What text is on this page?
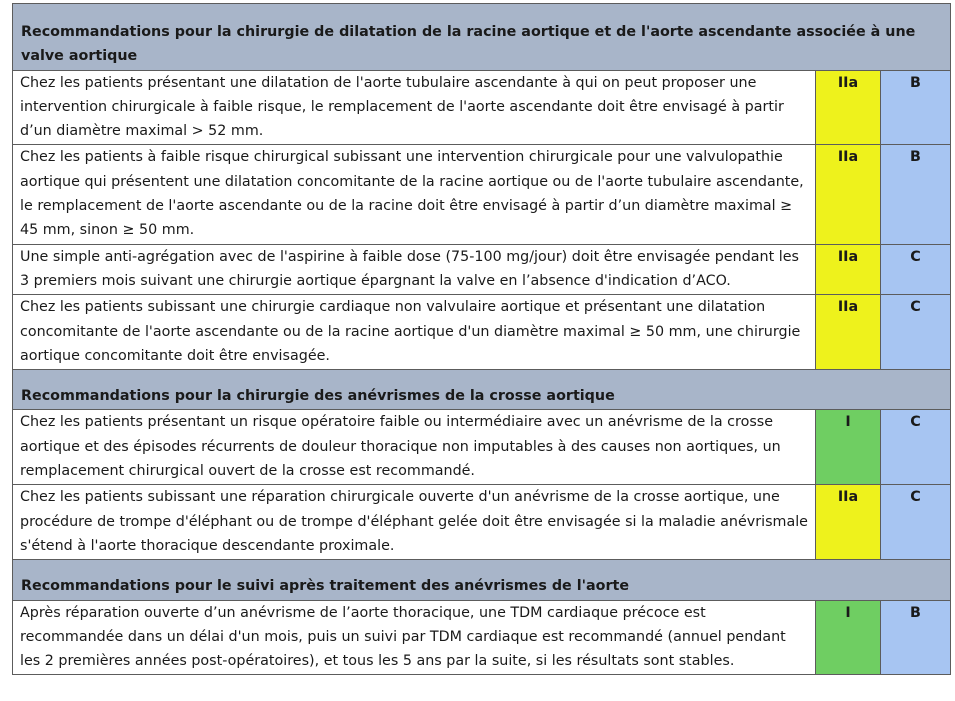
Recommandations pour la chirurgie de dilatation de la racine aortique et de l'aorte ascendante associée à une valve aortique		

Chez les patients présentant une dilatation de l'aorte tubulaire ascendante à qui on peut proposer une intervention chirurgicale à faible risque, le remplacement de l'aorte ascendante doit être envisagé à partir d’un diamètre maximal > 52 mm.	IIa	B

Chez les patients à faible risque chirurgical subissant une intervention chirurgicale pour une valvulopathie aortique qui présentent une dilatation concomitante de la racine aortique ou de l'aorte tubulaire ascendante, le remplacement de l'aorte ascendante ou de la racine doit être envisagé à partir d’un diamètre maximal ≥ 45 mm, sinon ≥ 50 mm.	IIa	B

Une simple anti-agrégation avec de l'aspirine à faible dose (75-100 mg/jour) doit être envisagée pendant les 3 premiers mois suivant une chirurgie aortique épargnant la valve en l’absence d'indication d’ACO.	IIa	C

Chez les patients subissant une chirurgie cardiaque non valvulaire aortique et présentant une dilatation concomitante de l'aorte ascendante ou de la racine aortique d'un diamètre maximal ≥ 50 mm, une chirurgie aortique concomitante doit être envisagée.	IIa	C

Recommandations pour la chirurgie des anévrismes de la crosse aortique		

Chez les patients présentant un risque opératoire faible ou intermédiaire avec un anévrisme de la crosse aortique et des épisodes récurrents de douleur thoracique non imputables à des causes non aortiques, un remplacement chirurgical ouvert de la crosse est recommandé.	I	C

Chez les patients subissant une réparation chirurgicale ouverte d'un anévrisme de la crosse aortique, une procédure de trompe d'éléphant ou de trompe d'éléphant gelée doit être envisagée si la maladie anévrismale s'étend à l'aorte thoracique descendante proximale.	IIa	C

Recommandations pour le suivi après traitement des anévrismes de l'aorte		

Après réparation ouverte d’un anévrisme de l’aorte thoracique, une TDM cardiaque précoce est recommandée dans un délai d'un mois, puis un suivi par TDM cardiaque est recommandé (annuel pendant les 2 premières années post-opératoires), et tous les 5 ans par la suite, si les résultats sont stables.	I	B
